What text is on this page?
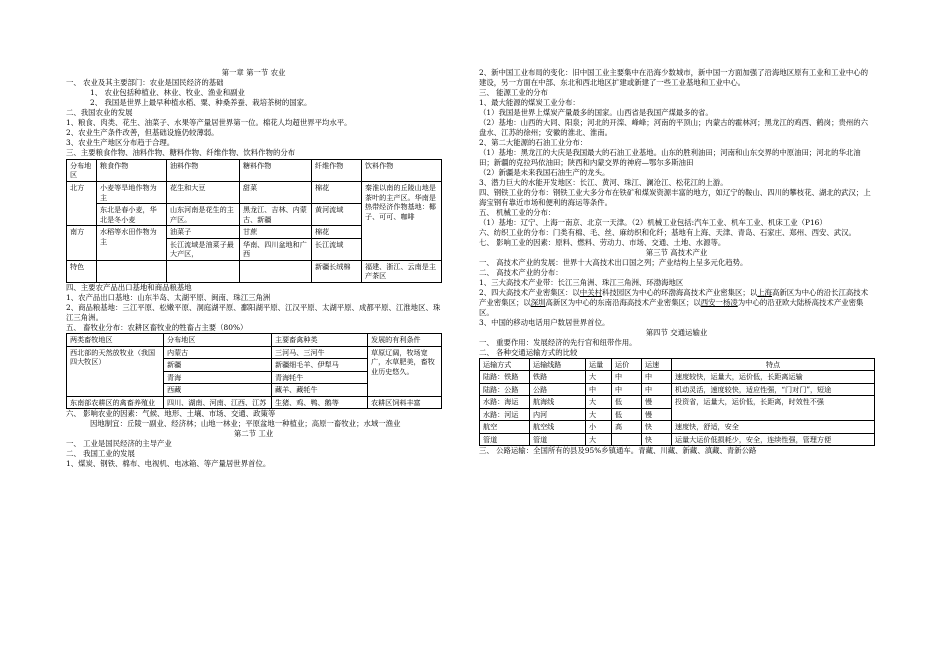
第一章 第一节 农业

一、 农业及其主要部门：农业是国民经济的基础

1、 农业包括种植业、林业、牧业、渔业和副业

2、 我国是世界上最早种植水稻、粟、种桑养蚕、栽培茶树的国家。

二、我国农业的发展

1、粮食、肉类、花生、油菜子、水果等产量居世界第一位。棉花人均超世界平均水平。

2、农业生产条件改善，但基础设施仍较薄弱。

3、农业生产地区分布趋于合理。

三、主要粮食作物、油料作物、糖料作物、纤维作物、饮料作物的分布

分布地区	粮食作物	油料作物	糖料作物	纤维作物	饮料作物
北方	小麦等旱地作物为主	花生和大豆	甜菜	棉花	秦淮以南的丘陵山地是茶叶的主产区。华南是热带经济作物基地：椰子、可可、咖啡
	东北是春小麦，华北是冬小麦	山东河南是花生的主产区。	黑龙江、吉林、内蒙古、新疆	黄河流域	
南方	水稻等水田作物为主	油菜子	甘蔗	棉花	
		长江流域是油菜子最大产区，	华南、四川盆地和广西	长江流域	
特色				新疆长绒棉	福建、浙江、云南是主产茶区

四、主要农产品出口基地和商品粮基地

1、农产品出口基地：山东半岛、太湖平原、闽南、珠江三角洲

2、商品粮基地：三江平原、松嫩平原、洞庭湖平原、鄱阳湖平原、江汉平原、太湖平原、成都平原、江淮地区、珠江三角洲。

五、 畜牧业分布：农耕区畜牧业的牲畜占主要（80%）

两类畜牧地区	分布地区	主要畜禽种类	发展的有利条件
西北部的天然放牧业（我国四大牧区）	内蒙古	三河马、三河牛	草原辽阔，牧场宽广，水草肥美，畜牧业历史悠久。
	新疆	新疆细毛羊、伊犁马	
	青海	青海牦牛	
	西藏	藏羊、藏牦牛	
东南部农耕区的禽畜养殖业	四川、湖南、河南、江西、江苏	生猪、鸡、鸭、鹅等	农耕区饲料丰富

六、 影响农业的因素：气候、地形、土壤、市场、交通、政策等

因地制宜：丘陵一副业、经济林；山地一林业；平原盆地一种植业；高原一畜牧业；水域一渔业

第二节 工业

一、 工业是国民经济的主导产业

二、 我国工业的发展

1、煤炭、钢铁、棉布、电视机、电冰箱、等产量居世界首位。

2、新中国工业布局的变化：旧中国工业主要集中在沿海少数城市，新中国一方面加强了沿海地区原有工业和工业中心的建设，另一方面在中部、东北和西北地区扩建或新建了一些工业基地和工业中心。

三、 能源工业的分布

1、最大能源的煤炭工业分布：

（1）我国是世界上煤炭产量最多的国家。山西省是我国产煤最多的省。

（2）基地：山西的大同、阳泉；河北的开滦、峰峰；河南的平顶山；内蒙古的霍林河；黑龙江的鸡西、鹤岗；贵州的六盘水、江苏的徐州；安徽的淮北、淮南。

2、第二大能源的石油工业分布：

（1）基地：黑龙江的大庆是我国最大的石油工业基地。山东的胜利油田；河南和山东交界的中原油田；河北的华北油田；新疆的克拉玛依油田；陕西和内蒙交界的神府—鄂尔多斯油田

（2）新疆是未来我国石油生产的龙头。

3、潜力巨大的水能开发地区：长江、黄河、珠江、澜沧江、松花江的上游。

四、钢铁工业的分布：钢铁工业大多分布在铁矿和煤炭资源丰富的地方，如辽宁的鞍山、四川的攀枝花、湖北的武汉；上海宝钢有靠近市场和便利的海运等条件。

五、 机械工业的分布：

（1）基地：辽宁、上海一南京、北京一天津。（2）机械工业包括:汽车工业、机车工业、机床工业（P16）

六、纺织工业的分布：门类有棉、毛、丝、麻纺织和化纤；基地有上海、天津、青岛、石家庄、郑州、西安、武汉。

七、 影响工业的因素：原料、燃料、劳动力、市场、交通、土地、水源等。

第三节 高技术产业

一、 高技术产业的发展：世界十大高技术出口国之列；产业结构上呈多元化趋势。

二、 高技术产业的分布：

1、三大高技术产业带：长江三角洲、珠江三角洲、环渤海地区

2、四大高技术产业密集区：以中关村科技园区为中心的环渤海高技术产业密集区；以上海高新区为中心的沿长江高技术产业密集区；以深圳高新区为中心的东南沿海高技术产业密集区；以西安一杨凌为中心的沿亚欧大陆桥高技术产业密集区。

3、中国的移动电话用户数居世界首位。

第四节 交通运输业

一、 重要作用：发展经济的先行官和纽带作用。

二、 各种交通运输方式的比较

运输方式	运输线路	运量	运价	运速	特点
陆路：铁路	铁路	大	中	中	速度较快，运量大，运价低，长距离运输
陆路：公路	公路	中	中	中	机动灵活，速度较快，适应性强，“门对门”，短途
水路：海运	航海线	大	低	慢	投资省，运量大，运价低，长距离，时效性不强
水路：河运	内河	大	低	慢	
航空	航空线	小	高	快	速度快，舒适，安全
管道	管道	大		快	运量大运价低损耗少，安全，连续性强，管理方便

三、 公路运输：全国所有的县及95%乡镇通车。青藏、川藏、新藏、滇藏、青新公路
